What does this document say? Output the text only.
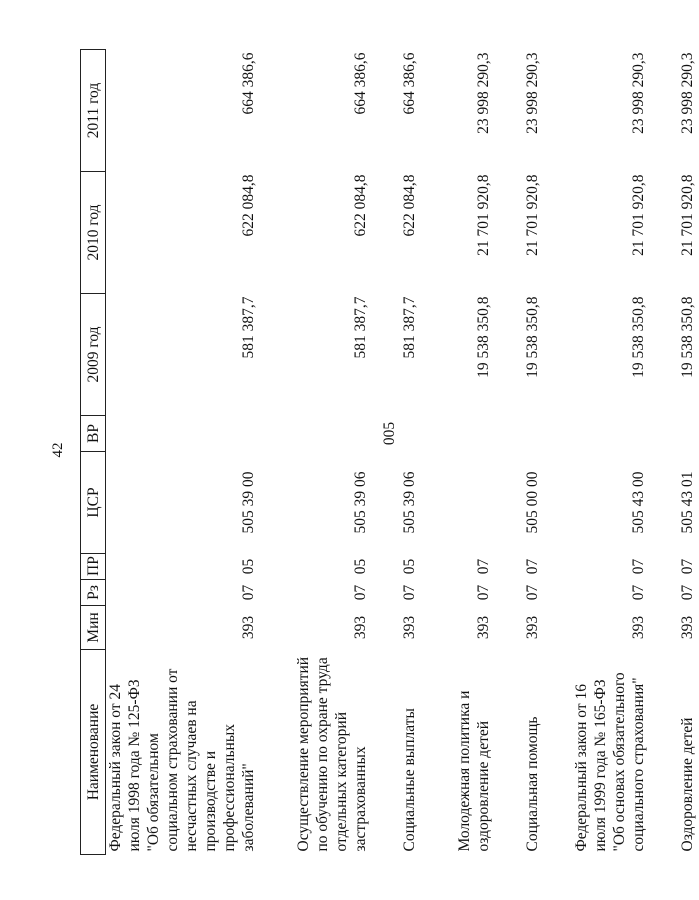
42
Наименование	Мин	Рз	ПР	ЦСР	ВР	2009 год	2010 год	2011 год
Федеральный закон от 24 июля 1998 года № 125-ФЗ "Об обязательном социальном страховании от несчастных случаев на производстве и профессиональных заболеваний"	393	07	05	505 39 00		581 387,7	622 084,8	664 386,6
Осуществление мероприятий по обучению по охране труда отдельных категорий застрахованных	393	07	05	505 39 06		581 387,7	622 084,8	664 386,6
Социальные выплаты	393	07	05	505 39 06	005	581 387,7	622 084,8	664 386,6
Молодежная политика и оздоровление детей	393	07	07			19 538 350,8	21 701 920,8	23 998 290,3
Социальная помощь	393	07	07	505 00 00		19 538 350,8	21 701 920,8	23 998 290,3
Федеральный закон от 16 июля 1999 года № 165-ФЗ "Об основах обязательного социального страхования"	393	07	07	505 43 00		19 538 350,8	21 701 920,8	23 998 290,3
Оздоровление детей	393	07	07	505 43 01		19 538 350,8	21 701 920,8	23 998 290,3
